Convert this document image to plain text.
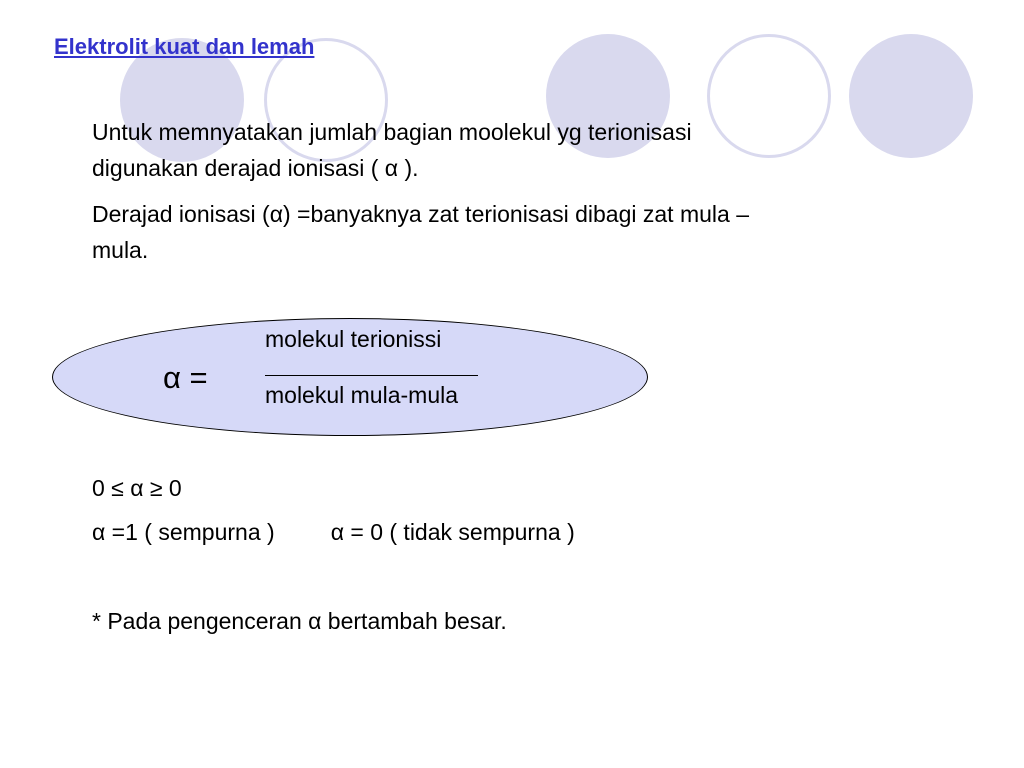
Elektrolit kuat dan lemah
Untuk memnyatakan jumlah bagian moolekul yg terionisasi
digunakan derajad ionisasi ( α ).
Derajad ionisasi (α) =banyaknya zat terionisasi dibagi zat mula –
mula.
α =
molekul terionissi
molekul mula-mula
0 ≤ α ≥ 0
α =1 ( sempurna ) α = 0 ( tidak sempurna )
* Pada pengenceran α bertambah besar.
